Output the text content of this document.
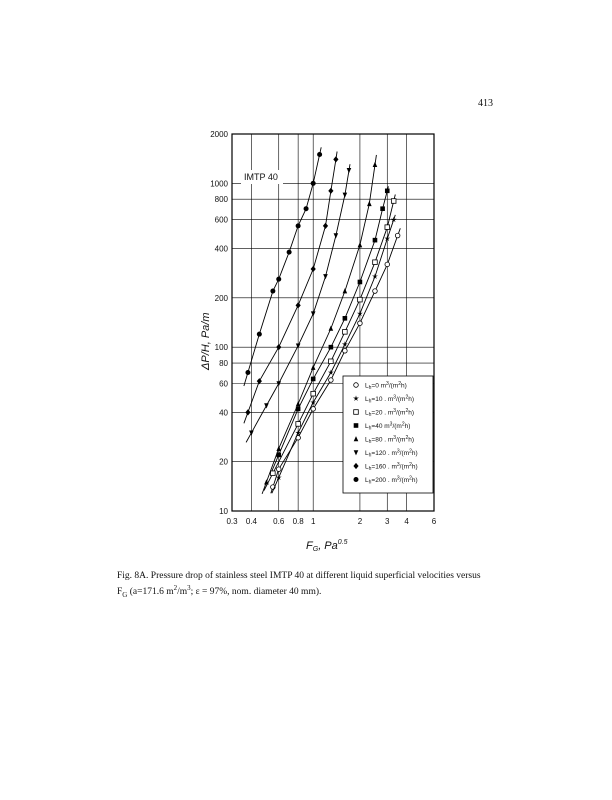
413
0.3 0.4 0.6 0.8 1	2	3 4	6
10
20
40
60
80
100
200
400
600
800
1000
2000
IMTP 40
FG, $Pa^{0.5}$
ΔP/H, Pa/m
$L_h=0$ $m^3/(m^2h)$
$L_h=10$ . $m^3/(m^2h)$
$L_h=20$ . $m^3/(m^2h)$
$L_h=40$ $m^3/(m^2h)$
$L_h=80$ . $m^3/(m^2h)$
$L_h=120$ . $m^3/(m^2h)$
$L_h=160$ . $m^3/(m^2h)$
$L_h=200$ . $m^3/(m^2h)$
Fig. 8A. Pressure drop of stainless steel IMTP 40 at different liquid superficial velocities versus
$F_G$ (a=171.6 $m^2/m^3$; ε = 97%, nom. diameter 40 mm).
